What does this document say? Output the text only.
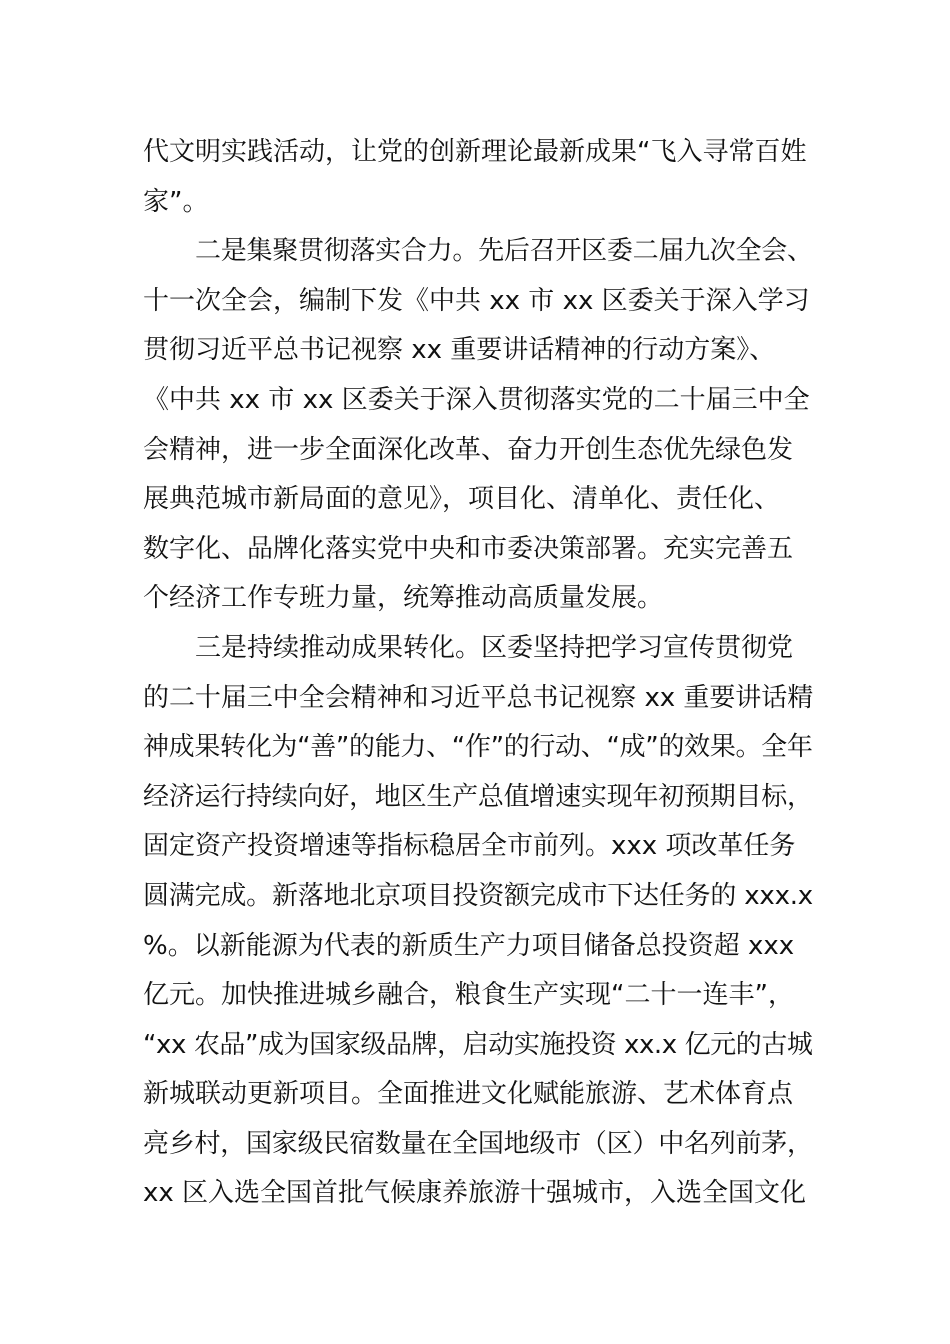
代文明实践活动，让党的创新理论最新成果“飞入寻常百姓
家”。
二是集聚贯彻落实合力。先后召开区委二届九次全会、
十一次全会，编制下发《中共 xx 市 xx 区委关于深入学习
贯彻习近平总书记视察 xx 重要讲话精神的行动方案》、
《中共 xx 市 xx 区委关于深入贯彻落实党的二十届三中全
会精神，进一步全面深化改革、奋力开创生态优先绿色发
展典范城市新局面的意见》，项目化、清单化、责任化、
数字化、品牌化落实党中央和市委决策部署。充实完善五
个经济工作专班力量，统筹推动高质量发展。
三是持续推动成果转化。区委坚持把学习宣传贯彻党
的二十届三中全会精神和习近平总书记视察 xx 重要讲话精
神成果转化为“善”的能力、“作”的行动、“成”的效果。全年
经济运行持续向好，地区生产总值增速实现年初预期目标，
固定资产投资增速等指标稳居全市前列。xxx 项改革任务
圆满完成。新落地北京项目投资额完成市下达任务的 xxx.x
%。以新能源为代表的新质生产力项目储备总投资超 xxx
亿元。加快推进城乡融合，粮食生产实现“二十一连丰”，
“xx 农品”成为国家级品牌，启动实施投资 xx.x 亿元的古城
新城联动更新项目。全面推进文化赋能旅游、艺术体育点
亮乡村，国家级民宿数量在全国地级市（区）中名列前茅，
xx 区入选全国首批气候康养旅游十强城市，入选全国文化
